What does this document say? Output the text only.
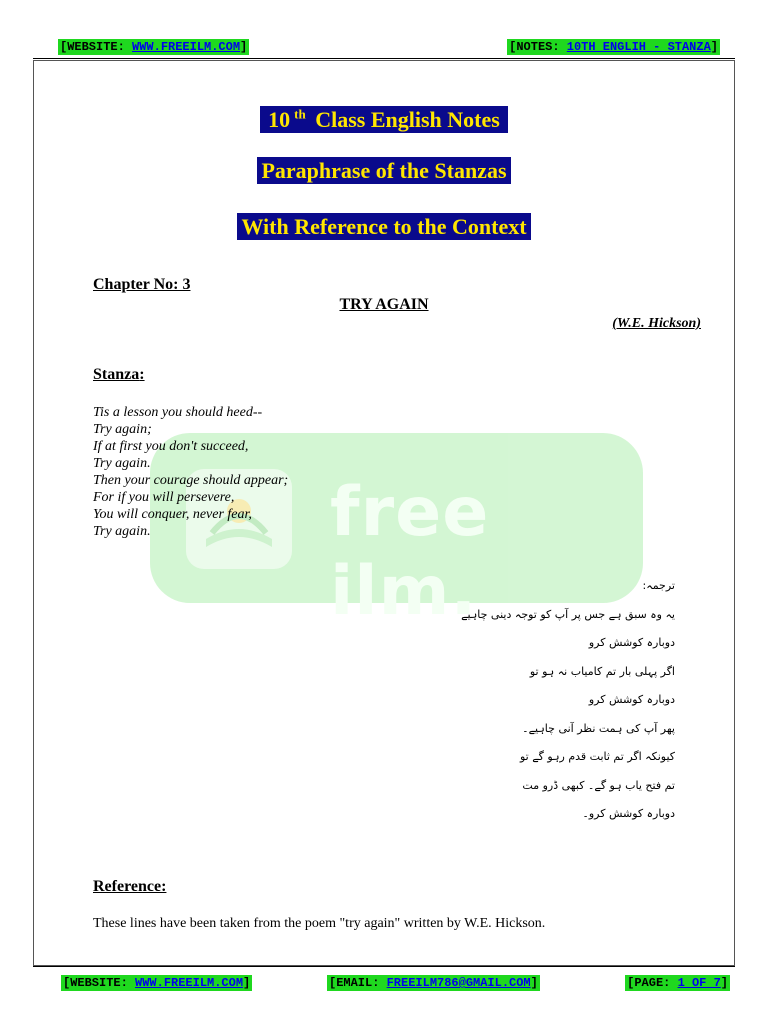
[WEBSITE: WWW.FREEILM.COM]	[NOTES: 10TH ENGLIH - STANZA]
10 $^{th}$ Class English Notes
Paraphrase of the Stanzas
With Reference to the Context
free ilm.
Chapter No: 3
TRY AGAIN
(W.E. Hickson)
Stanza:
Tis a lesson you should heed--
Try again;
If at first you don't succeed,
Try again.
Then your courage should appear;
For if you will persevere,
You will conquer, never fear,
Try again.
ترجمہ:
یہ وہ سبق ہے جس پر آپ کو توجہ دینی چاہیے
دوبارہ کوشش کرو
اگر پہلی بار تم کامیاب نہ ہو تو
دوبارہ کوشش کرو
پھر آپ کی ہمت نظر آنی چاہیے۔
کیونکہ اگر تم ثابت قدم رہو گے تو
تم فتح یاب ہو گے۔ کبھی ڈرو مت
دوبارہ کوشش کرو۔
Reference:
These lines have been taken from the poem "try again" written by W.E. Hickson.
[WEBSITE: WWW.FREEILM.COM]	[EMAIL: FREEILM786@GMAIL.COM]	[PAGE: 1 OF 7]
